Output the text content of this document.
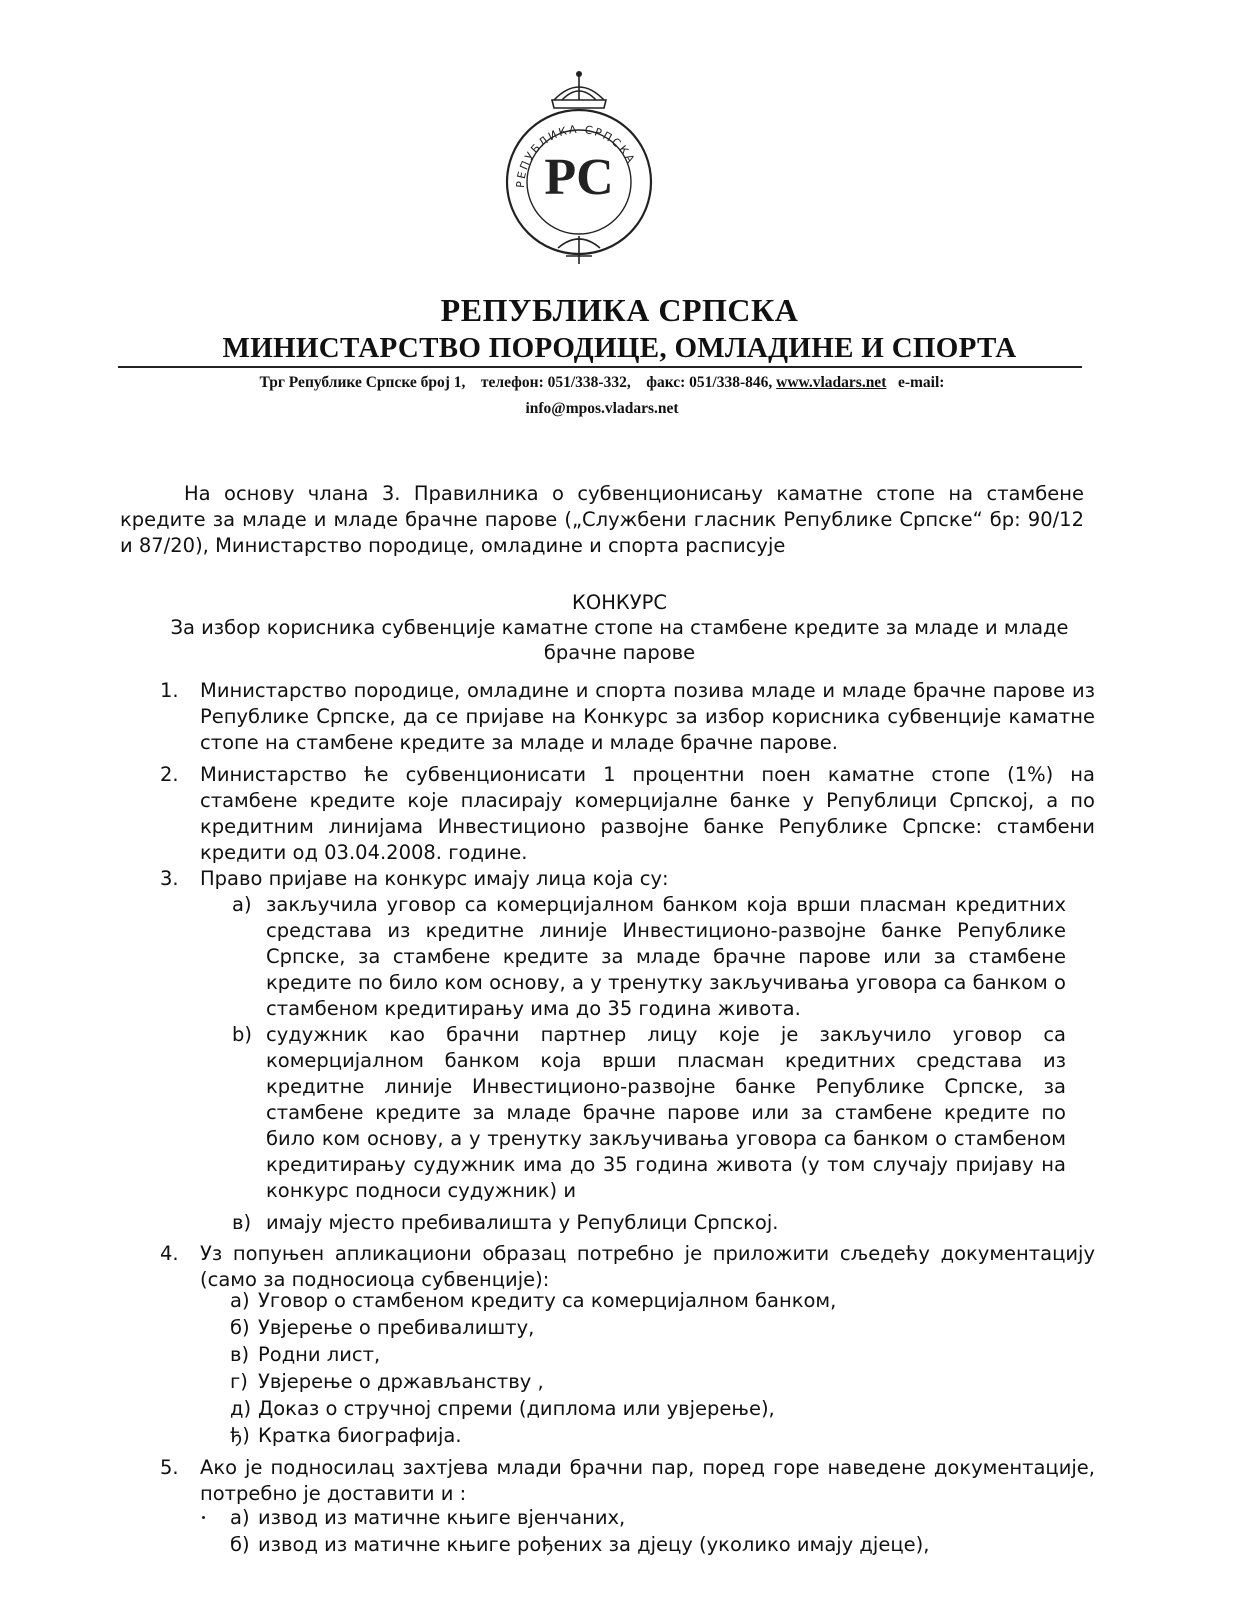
РЕПУБЛИКА СРПСКА
PC
РЕПУБЛИКА СРПСКА
МИНИСТАРСТВО ПОРОДИЦЕ, ОМЛАДИНЕ И СПОРТА
Трг Републике Српске број 1, телефон: 051/338-332, факс: 051/338-846, www.vladars.net e-mail:
info@mpos.vladars.net
На основу члана 3. Правилника о субвенционисању каматне стопе на стамбене кредите за младе и младе брачне парове („Службени гласник Републике Српске“ бр: 90/12 и 87/20), Министарство породице, омладине и спорта расписује
КОНКУРС
За избор корисника субвенције каматне стопе на стамбене кредите за младе и младе
брачне парове
1. Министарство породице, омладине и спорта позива младе и младе брачне парове из Републике Српске, да се пријаве на Конкурс за избор корисника субвенције каматне стопе на стамбене кредите за младе и младе брачне парове.
2. Министарство ће субвенционисати 1 процентни поен каматне стопе (1%) на стамбене кредите које пласирају комерцијалне банке у Републици Српској, а по кредитним линијама Инвестиционо развојне банке Републике Српске: стамбени кредити од 03.04.2008. године.
3. Право пријаве на конкурс имају лица која су:
а) закључила уговор са комерцијалном банком која врши пласман кредитних средстава из кредитне линије Инвестиционо-развојне банке Републике Српске, за стамбене кредите за младе брачне парове или за стамбене кредите по било ком основу, а у тренутку закључивања уговора са банком о стамбеном кредитирању има до 35 година живота.
b) судужник као брачни партнер лицу које је закључило уговор са комерцијалном банком која врши пласман кредитних средстава из кредитне линије Инвестиционо-развојне банке Републике Српске, за стамбене кредите за младе брачне парове или за стамбене кредите по било ком основу, а у тренутку закључивања уговора са банком о стамбеном кредитирању судужник има до 35 година живота (у том случају пријаву на конкурс подноси судужник) и
в) имају мјесто пребивалишта у Републици Српској.
4. Уз попуњен апликациони образац потребно је приложити сљедећу документацију (само за подносиоца субвенције):
а) Уговор о стамбеном кредиту са комерцијалном банком,
б) Увјерење о пребивалишту,
в) Родни лист,
г) Увјерење о држављанству ,
д) Доказ о стручној спреми (диплома или увјерење),
ђ) Кратка биографија.
5. Ако је подносилац захтјева млади брачни пар, поред горе наведене документације, потребно је доставити и :
а) извод из матичне књиге вјенчаних,
б) извод из матичне књиге рођених за дјецу (уколико имају дјеце),
